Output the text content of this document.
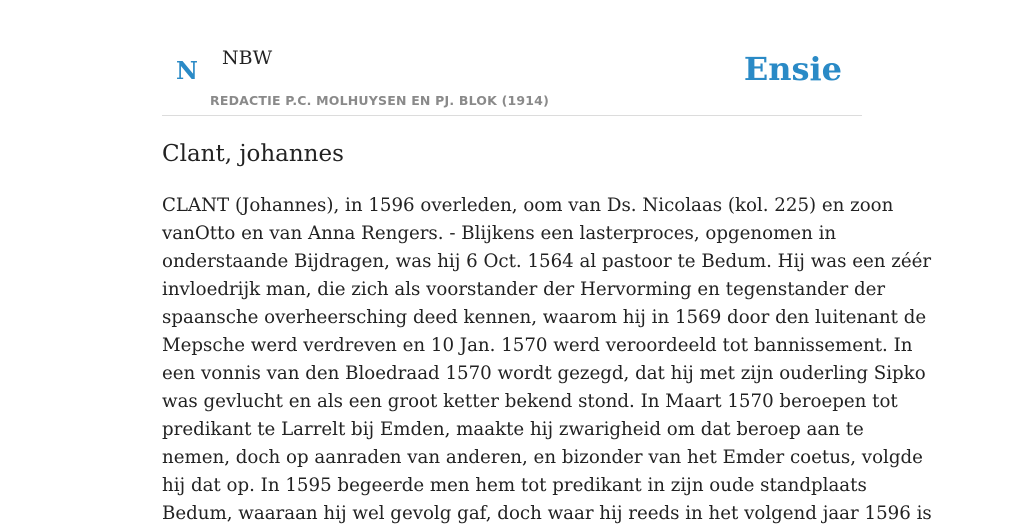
N NBW
REDACTIE P.C. MOLHUYSEN EN PJ. BLOK (1914)
Ensie
Clant, johannes
CLANT (Johannes), in 1596 overleden, oom van Ds. Nicolaas (kol. 225) en zoon
vanOtto en van Anna Rengers. - Blijkens een lasterproces, opgenomen in
onderstaande Bijdragen, was hij 6 Oct. 1564 al pastoor te Bedum. Hij was een zéér
invloedrijk man, die zich als voorstander der Hervorming en tegenstander der
spaansche overheersching deed kennen, waarom hij in 1569 door den luitenant de
Mepsche werd verdreven en 10 Jan. 1570 werd veroordeeld tot bannissement. In
een vonnis van den Bloedraad 1570 wordt gezegd, dat hij met zijn ouderling Sipko
was gevlucht en als een groot ketter bekend stond. In Maart 1570 beroepen tot
predikant te Larrelt bij Emden, maakte hij zwarigheid om dat beroep aan te
nemen, doch op aanraden van anderen, en bizonder van het Emder coetus, volgde
hij dat op. In 1595 begeerde men hem tot predikant in zijn oude standplaats
Bedum, waaraan hij wel gevolg gaf, doch waar hij reeds in het volgend jaar 1596 is
